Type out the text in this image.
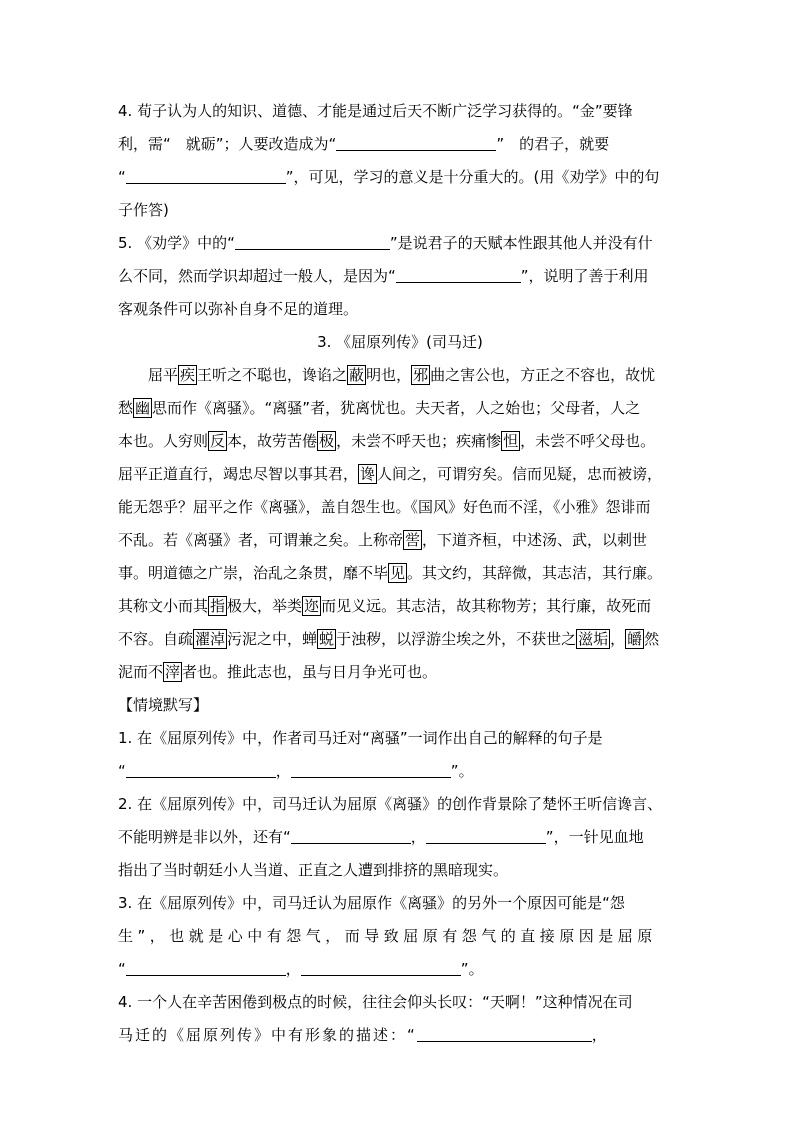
4. 荀子认为人的知识、道德、才能是通过后天不断广泛学习获得的。“金”要锋
利，需“　就砺”；人要改造成为“	”　的君子，就要
“	”，可见，学习的意义是十分重大的。(用《劝学》中的句
子作答)
5. 《劝学》中的“	”是说君子的天赋本性跟其他人并没有什
么不同，然而学识却超过一般人，是因为“	”，说明了善于利用
客观条件可以弥补自身不足的道理。
3. 《屈原列传》(司马迁)
屈平 疾 王听之不聪也，谗谄之 蔽 明也， 邪 曲之害公也，方正之不容也，故忧
愁 幽 思而作《离骚》。“离骚”者，犹离忧也。夫天者，人之始也；父母者，人之
本也。人穷则 反 本，故劳苦倦 极 ，未尝不呼天也；疾痛惨 怛 ，未尝不呼父母也。
屈平正道直行，竭忠尽智以事其君， 谗 人间之，可谓穷矣。信而见疑，忠而被谤，
能无怨乎？屈平之作《离骚》，盖自怨生也。《国风》好色而不淫，《小雅》怨诽而
不乱。若《离骚》者，可谓兼之矣。上称帝 喾 ，下道齐桓，中述汤、武，以刺世
事。明道德之广崇，治乱之条贯，靡不毕 见 。其文约，其辞微，其志洁，其行廉。
其称文小而其 指 极大，举类 迩 而见义远。其志洁，故其称物芳；其行廉，故死而
不容。自疏 濯淖 污泥之中，蝉 蜕 于浊秽，以浮游尘埃之外，不获世之 滋垢 ， 皭 然
泥而不 滓 者也。推此志也，虽与日月争光可也。
【情境默写】
1. 在《屈原列传》中，作者司马迁对“离骚”一词作出自己的解释的句子是
“	，	”。
2. 在《屈原列传》中，司马迁认为屈原《离骚》的创作背景除了楚怀王听信谗言、
不能明辨是非以外，还有“	，	”，一针见血地
指出了当时朝廷小人当道、正直之人遭到排挤的黑暗现实。
3. 在《屈原列传》中，司马迁认为屈原作《离骚》的另外一个原因可能是“怨
生”，也就是心中有怨气，而导致屈原有怨气的直接原因是屈原
“	，	”。
4. 一个人在辛苦困倦到极点的时候，往往会仰头长叹：“天啊！”这种情况在司
马迁的《屈原列传》中有形象的描述：“	，
